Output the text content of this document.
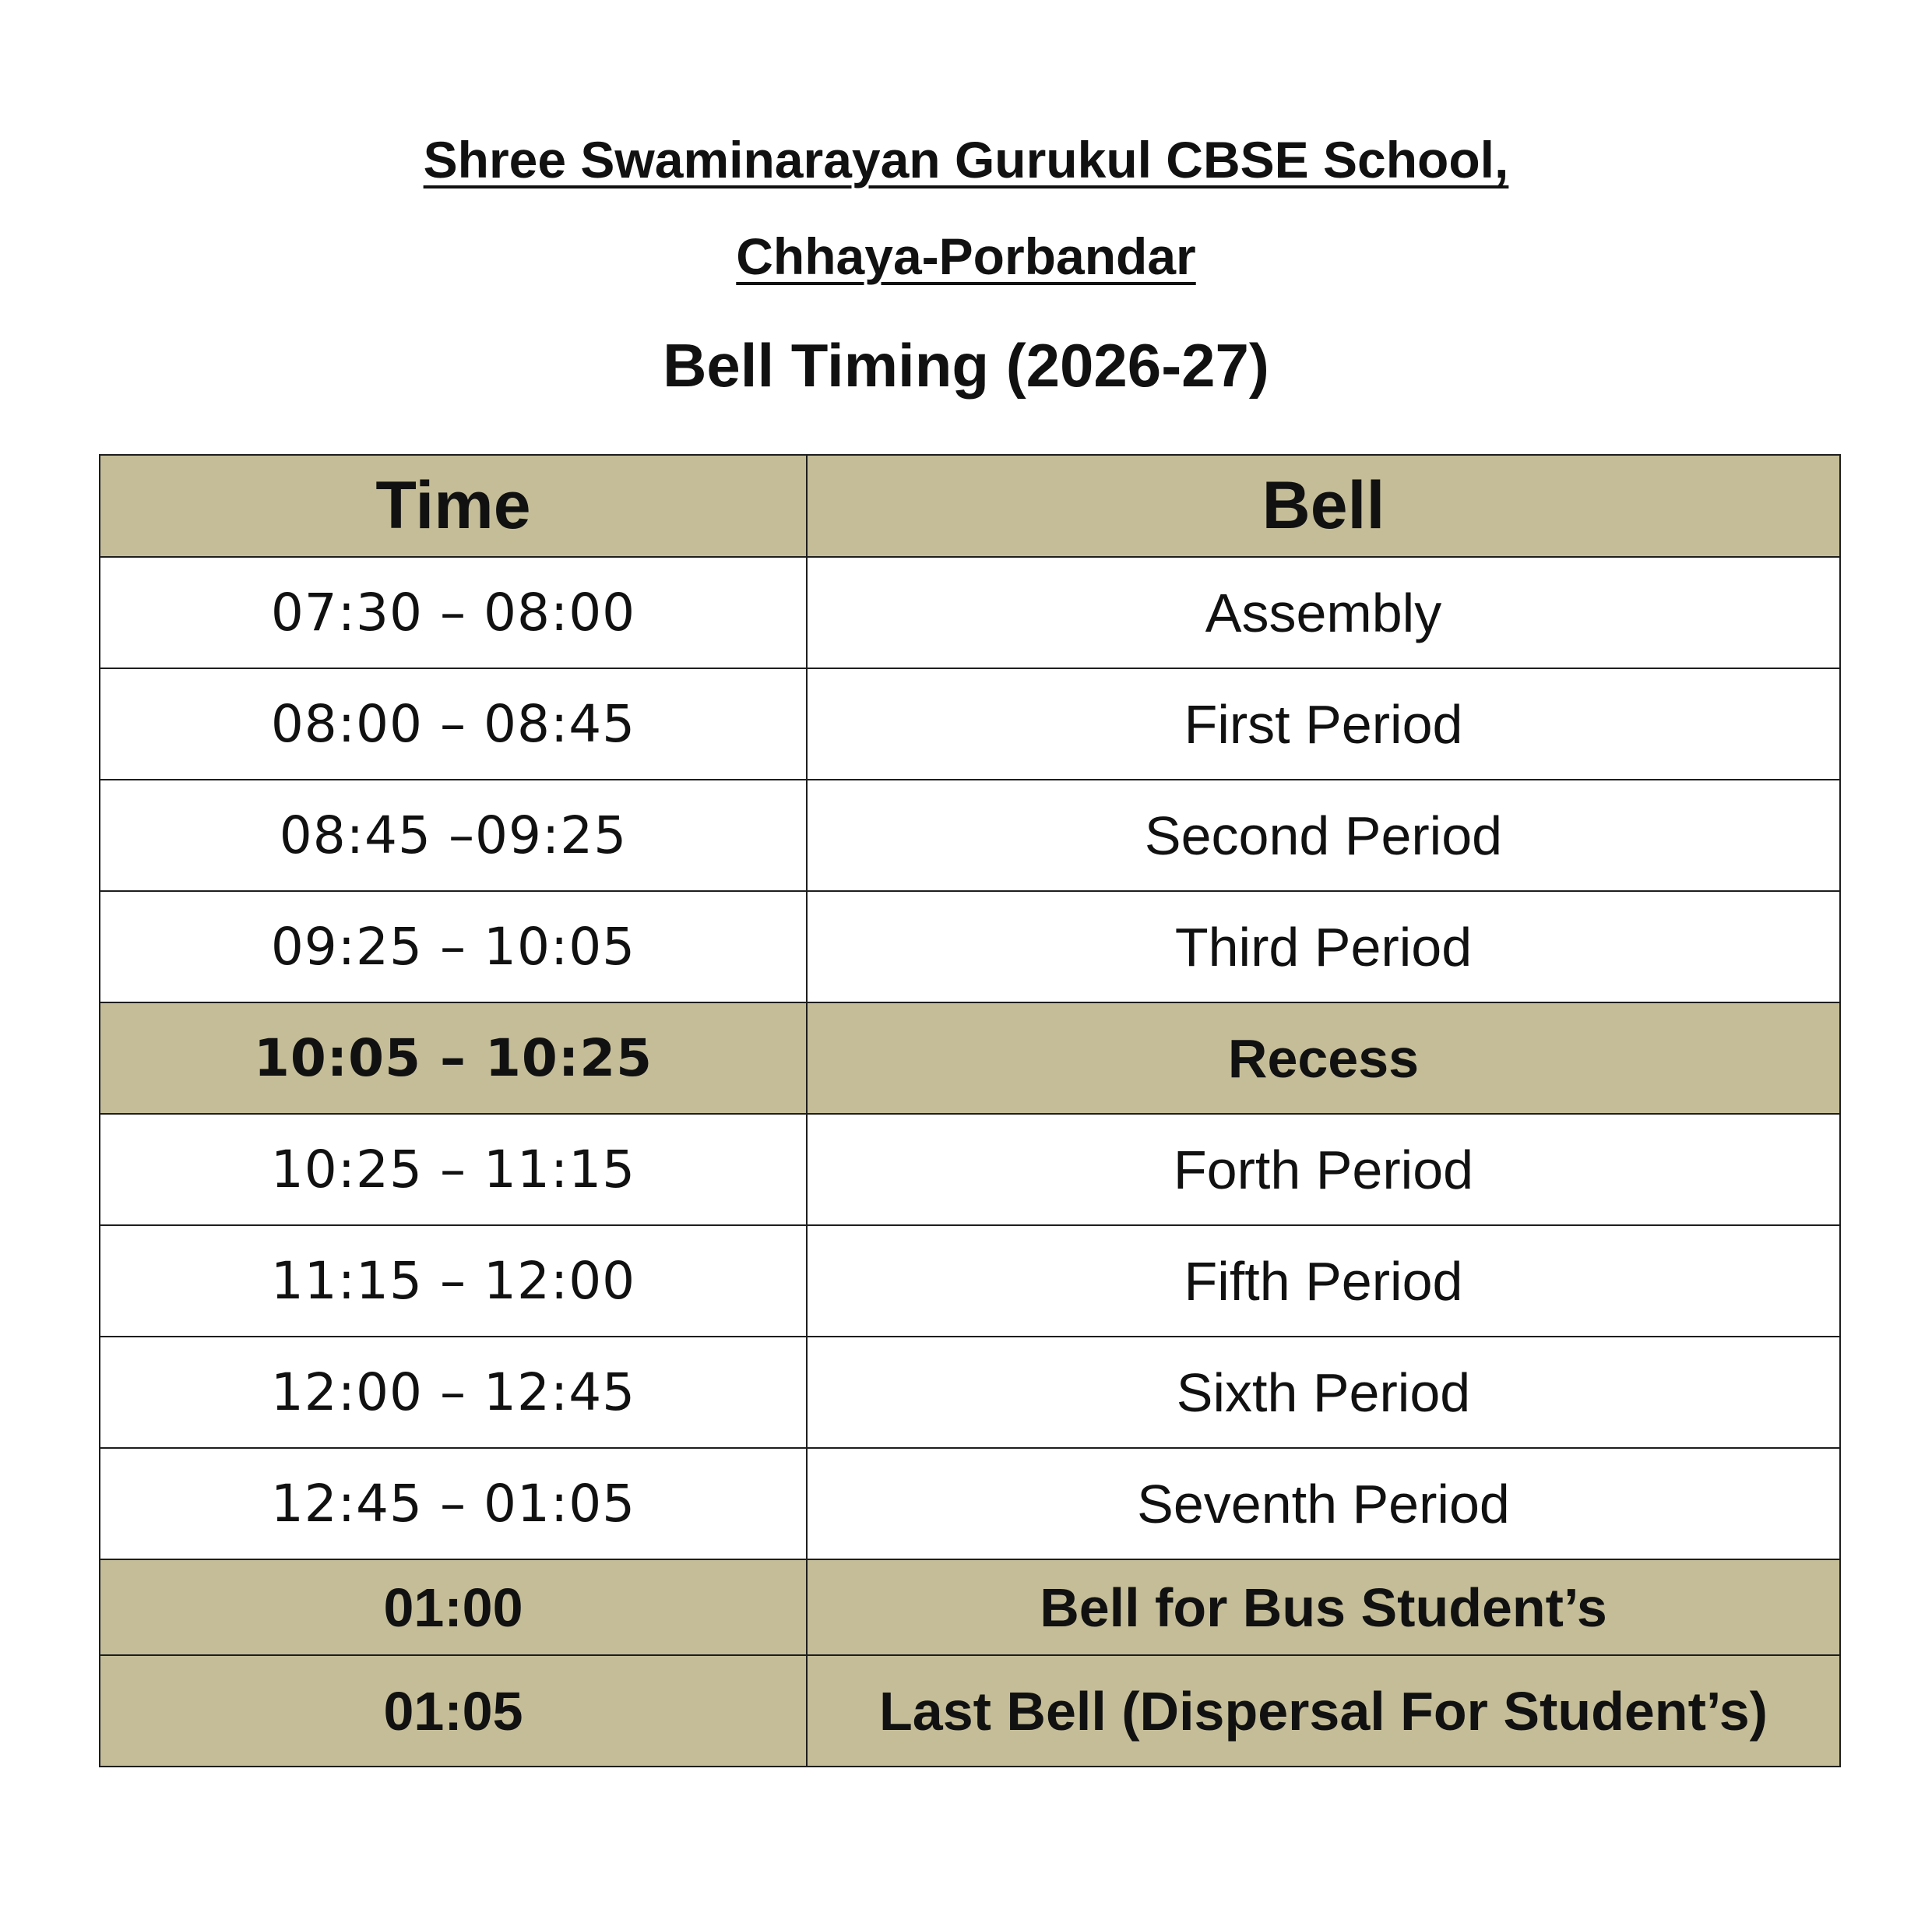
Shree Swaminarayan Gurukul CBSE School,
Chhaya-Porbandar
Bell Timing (2026-27)
Time	Bell
07:30 – 08:00	Assembly
08:00 – 08:45	First Period
08:45 –09:25	Second Period
09:25 – 10:05	Third Period
10:05 – 10:25	Recess
10:25 – 11:15	Forth Period
11:15 – 12:00	Fifth Period
12:00 – 12:45	Sixth Period
12:45 – 01:05	Seventh Period
01:00	Bell for Bus Student’s
01:05	Last Bell (Dispersal For Student’s)
